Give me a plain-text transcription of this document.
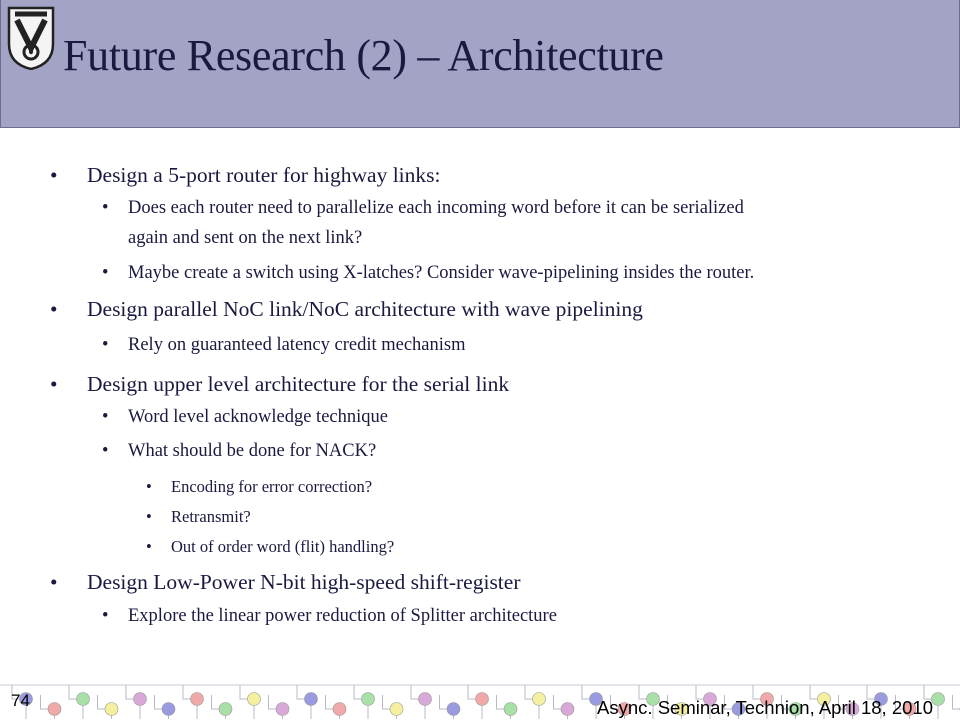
Future Research (2) – Architecture
• Design a 5-port router for highway links:
• Does each router need to parallelize each incoming word before it can be serialized
again and sent on the next link?
• Maybe create a switch using X-latches? Consider wave-pipelining insides the router.
• Design parallel NoC link/NoC architecture with wave pipelining
• Rely on guaranteed latency credit mechanism
• Design upper level architecture for the serial link
• Word level acknowledge technique
• What should be done for NACK?
• Encoding for error correction?
• Retransmit?
• Out of order word (flit) handling?
• Design Low-Power N-bit high-speed shift-register
• Explore the linear power reduction of Splitter architecture
74	Async. Seminar, Technion, April 18, 2010
